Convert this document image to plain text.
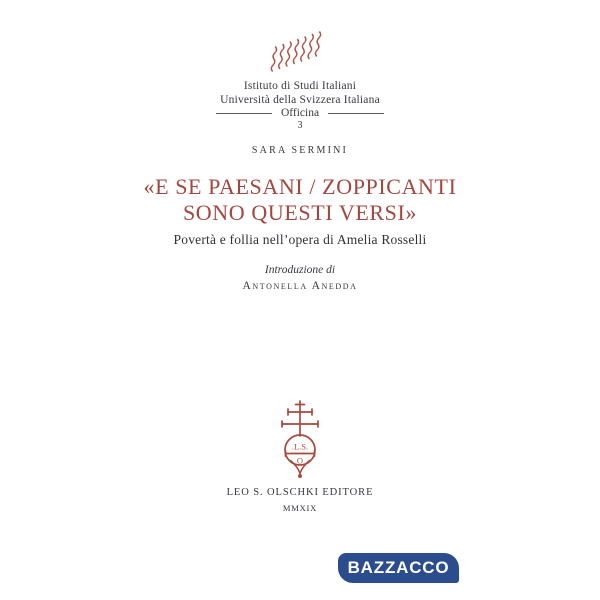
Istituto di Studi Italiani
Università della Svizzera Italiana
Officina
3
SARA SERMINI
«E SE PAESANI / ZOPPICANTI
SONO QUESTI VERSI»
Povertà e follia nell’opera di Amelia Rosselli
Introduzione di
Antonella Anedda
.L.S.
O
LEO S. OLSCHKI EDITORE
MMXIX
BAZZACCO
